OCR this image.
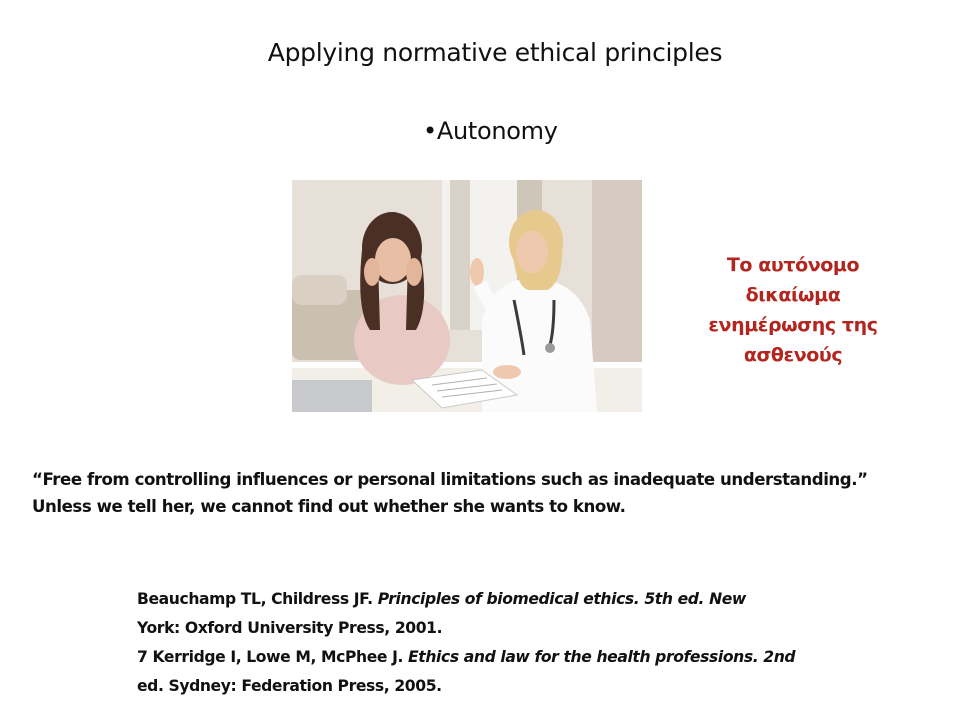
Applying normative ethical principles
•Autonomy
Το αυτόνομο
δικαίωμα
ενημέρωσης της
ασθενούς
“Free from controlling influences or personal limitations such as inadequate understanding.”
Unless we tell her, we cannot find out whether she wants to know.
Beauchamp TL, Childress JF. Principles of biomedical ethics. 5th ed. New
York: Oxford University Press, 2001.
7 Kerridge I, Lowe M, McPhee J. Ethics and law for the health professions. 2nd
ed. Sydney: Federation Press, 2005.
